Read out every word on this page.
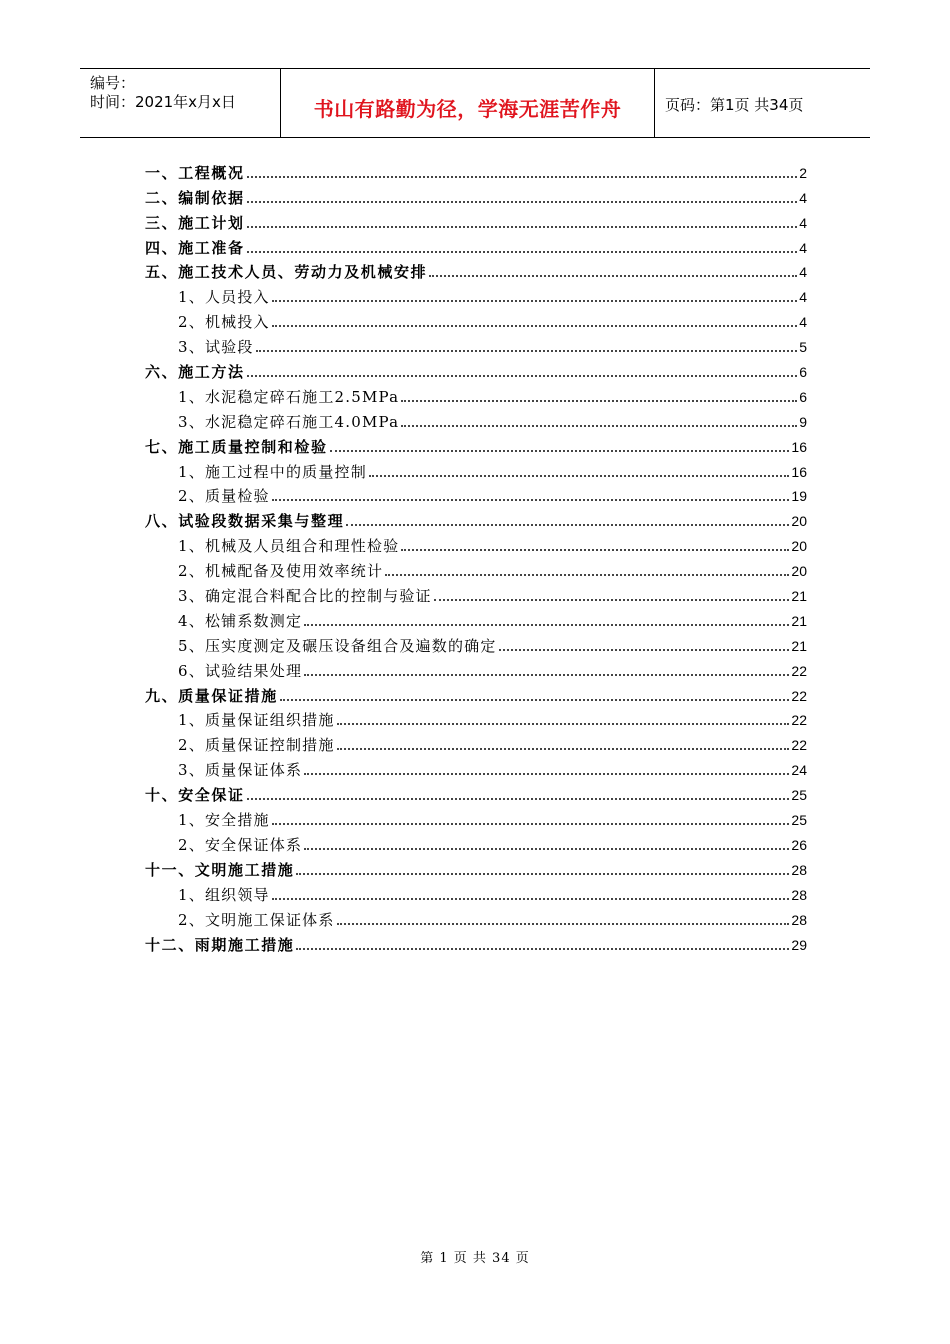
编号：
时间：2021年x月x日	书山有路勤为径，学海无涯苦作舟	页码：第1页 共34页
一、工程概况	2
二、编制依据	4
三、施工计划	4
四、施工准备	4
五、施工技术人员、劳动力及机械安排	4
1、人员投入	4
2、机械投入	4
3、试验段	5
六、施工方法	6
1、水泥稳定碎石施工2.5MPa	6
3、水泥稳定碎石施工4.0MPa	9
七、施工质量控制和检验	16
1、施工过程中的质量控制	16
2、质量检验	19
八、试验段数据采集与整理	20
1、机械及人员组合和理性检验	20
2、机械配备及使用效率统计	20
3、确定混合料配合比的控制与验证	21
4、松铺系数测定	21
5、压实度测定及碾压设备组合及遍数的确定	21
6、试验结果处理	22
九、质量保证措施	22
1、质量保证组织措施	22
2、质量保证控制措施	22
3、质量保证体系	24
十、安全保证	25
1、安全措施	25
2、安全保证体系	26
十一、文明施工措施	28
1、组织领导	28
2、文明施工保证体系	28
十二、雨期施工措施	29
第 1 页 共 34 页
